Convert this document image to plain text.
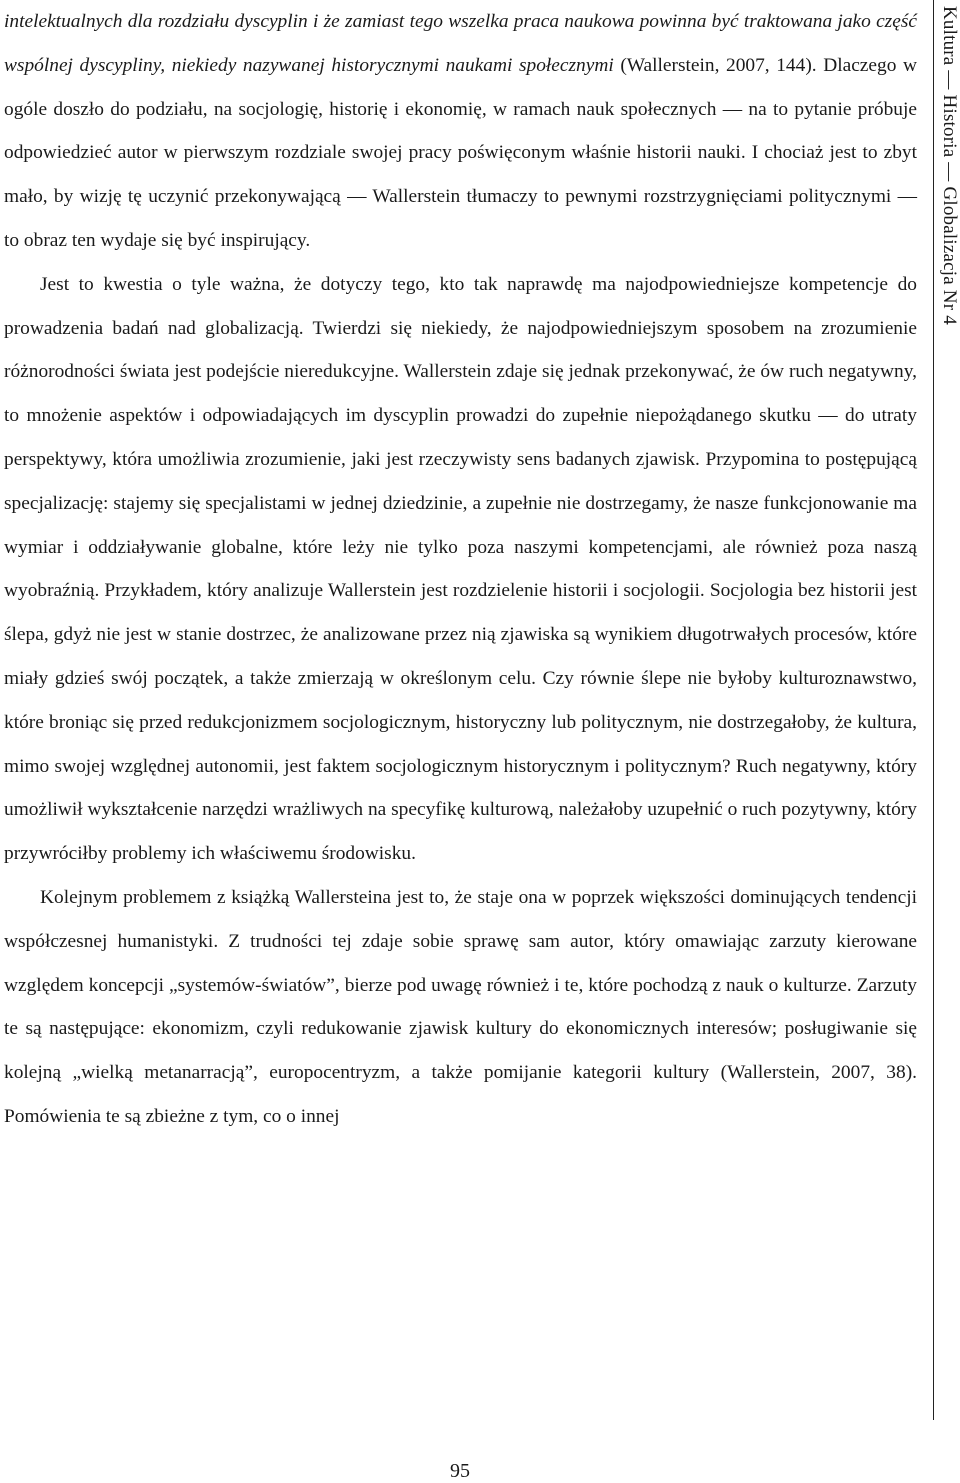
intelektualnych dla rozdziału dyscyplin i że zamiast tego wszelka praca naukowa powinna być traktowana jako część wspólnej dyscypliny, niekiedy nazywanej historycznymi naukami społecznymi (Wallerstein, 2007, 144). Dlaczego w ogóle doszło do podziału, na socjologię, historię i ekonomię, w ramach nauk społecznych — na to pytanie próbuje odpowiedzieć autor w pierwszym rozdziale swojej pracy poświęconym właśnie historii nauki. I chociaż jest to zbyt mało, by wizję tę uczynić przekonywającą — Wallerstein tłumaczy to pewnymi rozstrzygnięciami politycznymi — to obraz ten wydaje się być inspirujący.

Jest to kwestia o tyle ważna, że dotyczy tego, kto tak naprawdę ma najodpowiedniejsze kompetencje do prowadzenia badań nad globalizacją. Twierdzi się niekiedy, że najodpowiedniejszym sposobem na zrozumienie różnorodności świata jest podejście nieredukcyjne. Wallerstein zdaje się jednak przekonywać, że ów ruch negatywny, to mnożenie aspektów i odpowiadających im dyscyplin prowadzi do zupełnie niepożądanego skutku — do utraty perspektywy, która umożliwia zrozumienie, jaki jest rzeczywisty sens badanych zjawisk. Przypomina to postępującą specjalizację: stajemy się specjalistami w jednej dziedzinie, a zupełnie nie dostrzegamy, że nasze funkcjonowanie ma wymiar i oddziaływanie globalne, które leży nie tylko poza naszymi kompetencjami, ale również poza naszą wyobraźnią. Przykładem, który analizuje Wallerstein jest rozdzielenie historii i socjologii. Socjologia bez historii jest ślepa, gdyż nie jest w stanie dostrzec, że analizowane przez nią zjawiska są wynikiem długotrwałych procesów, które miały gdzieś swój początek, a także zmierzają w określonym celu. Czy równie ślepe nie byłoby kulturoznawstwo, które broniąc się przed redukcjonizmem socjologicznym, historyczny lub politycznym, nie dostrzegałoby, że kultura, mimo swojej względnej autonomii, jest faktem socjologicznym historycznym i politycznym? Ruch negatywny, który umożliwił wykształcenie narzędzi wrażliwych na specyfikę kulturową, należałoby uzupełnić o ruch pozytywny, który przywróciłby problemy ich właściwemu środowisku.

Kolejnym problemem z książką Wallersteina jest to, że staje ona w poprzek większości dominujących tendencji współczesnej humanistyki. Z trudności tej zdaje sobie sprawę sam autor, który omawiając zarzuty kierowane względem koncepcji „systemów-światów”, bierze pod uwagę również i te, które pochodzą z nauk o kulturze. Zarzuty te są następujące: ekonomizm, czyli redukowanie zjawisk kultury do ekonomicznych interesów; posługiwanie się kolejną „wielką metanarracją”, europocentryzm, a także pomijanie kategorii kultury (Wallerstein, 2007, 38). Pomówienia te są zbieżne z tym, co o innej

Kultura — Historia — Globalizacja Nr 4
95
